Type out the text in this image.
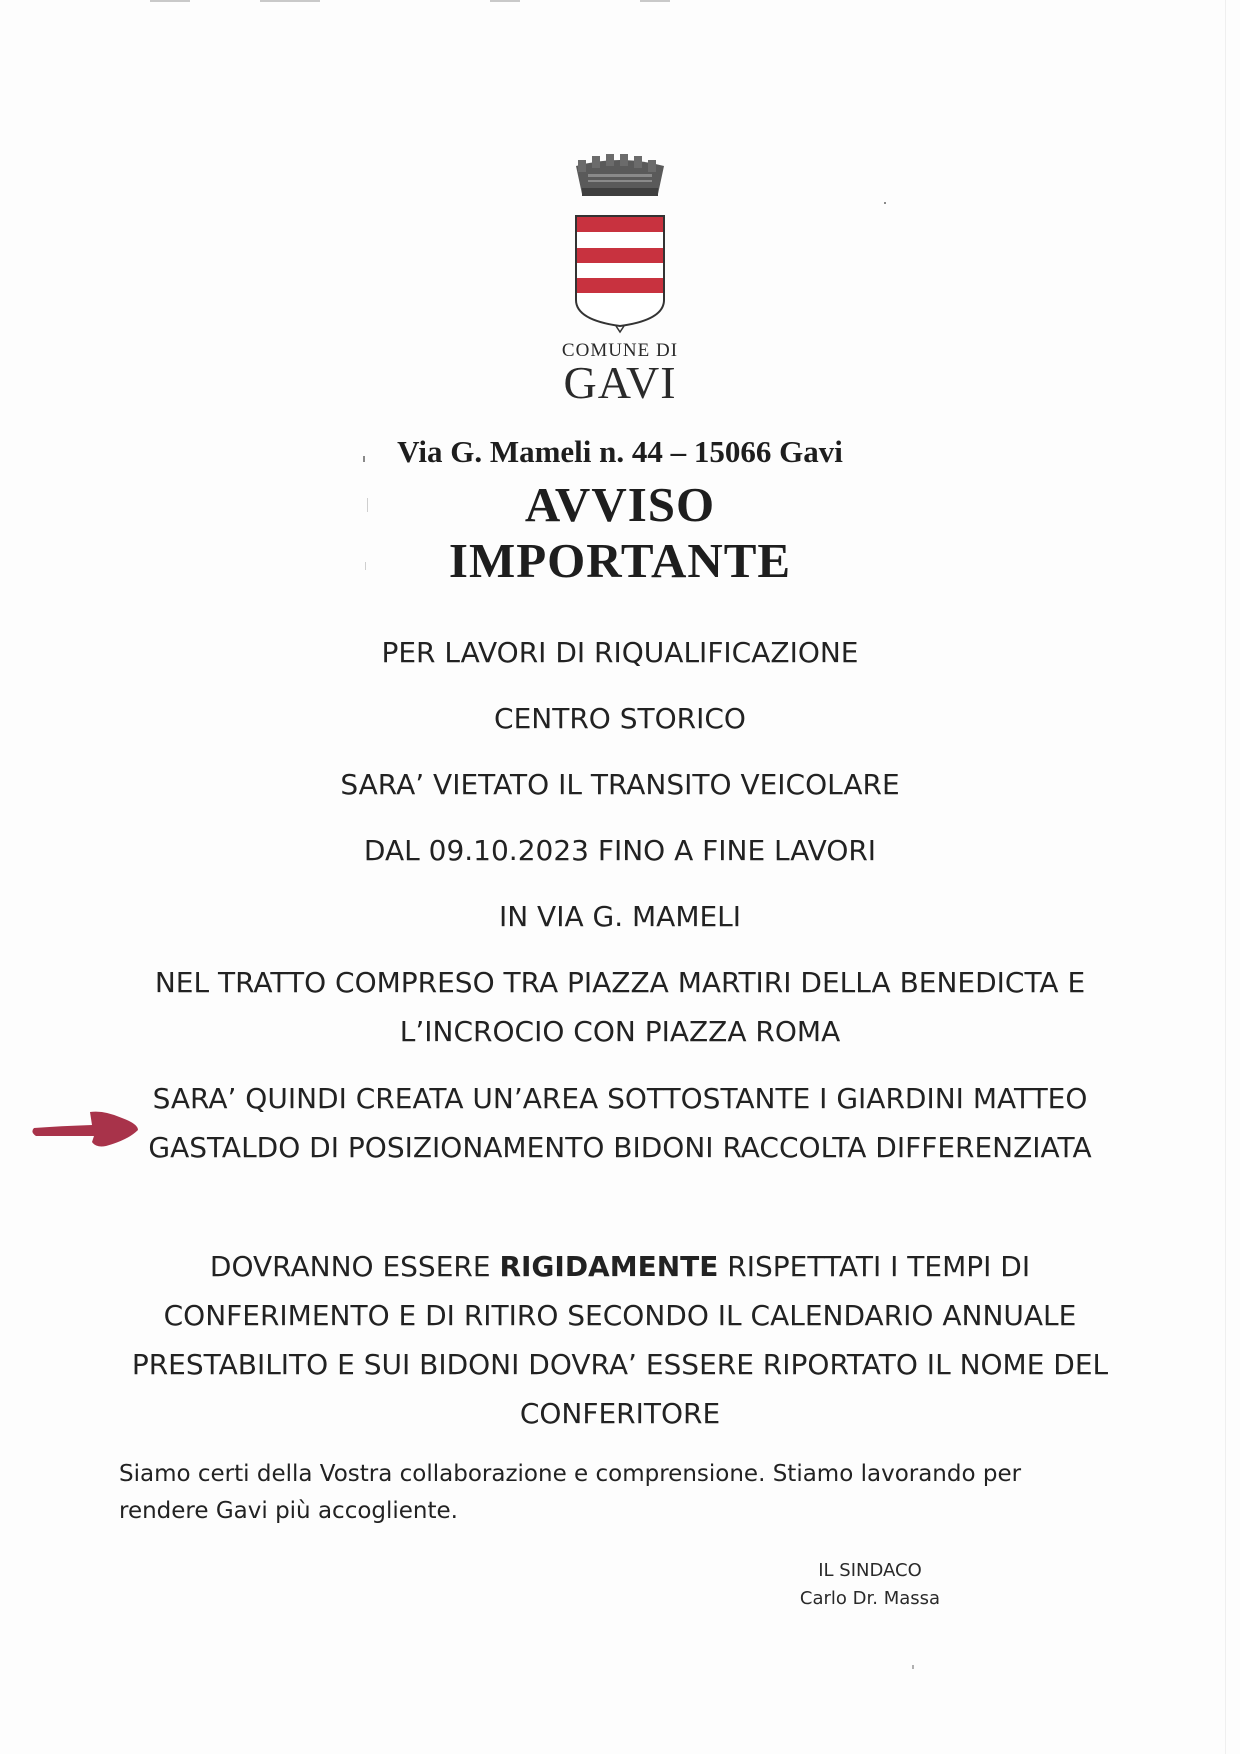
COMUNE DI
GAVI
Via G. Mameli n. 44 – 15066 Gavi
AVVISO
IMPORTANTE
PER LAVORI DI RIQUALIFICAZIONE
CENTRO STORICO
SARA’ VIETATO IL TRANSITO VEICOLARE
DAL 09.10.2023 FINO A FINE LAVORI
IN VIA G. MAMELI
NEL TRATTO COMPRESO TRA PIAZZA MARTIRI DELLA BENEDICTA E L’INCROCIO CON PIAZZA ROMA
SARA’ QUINDI CREATA UN’AREA SOTTOSTANTE I GIARDINI MATTEO GASTALDO DI POSIZIONAMENTO BIDONI RACCOLTA DIFFERENZIATA
DOVRANNO ESSERE RIGIDAMENTE RISPETTATI I TEMPI DI CONFERIMENTO E DI RITIRO SECONDO IL CALENDARIO ANNUALE PRESTABILITO E SUI BIDONI DOVRA’ ESSERE RIPORTATO IL NOME DEL CONFERITORE
Siamo certi della Vostra collaborazione e comprensione. Stiamo lavorando per rendere Gavi più accogliente.
IL SINDACO
Carlo Dr. Massa
